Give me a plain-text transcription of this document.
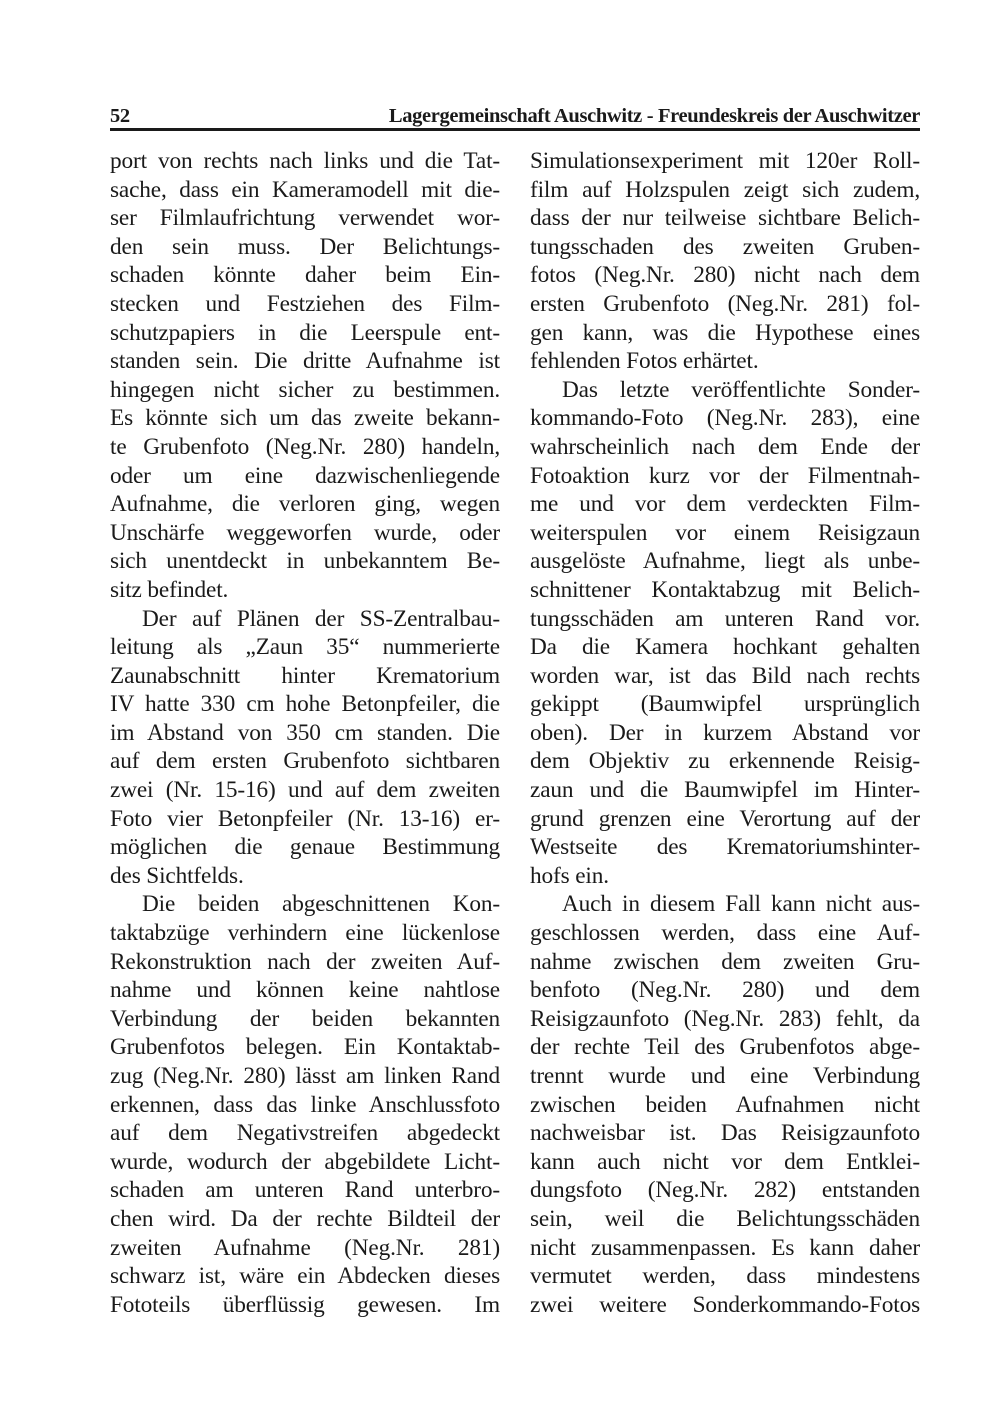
52	Lagergemeinschaft Auschwitz - Freundeskreis der Auschwitzer
port von rechts nach links und die Tat-
sache, dass ein Kameramodell mit die-
ser Filmlaufrichtung verwendet wor-
den sein muss. Der Belichtungs-
schaden könnte daher beim Ein-
stecken und Festziehen des Film-
schutzpapiers in die Leerspule ent-
standen sein. Die dritte Aufnahme ist
hingegen nicht sicher zu bestimmen.
Es könnte sich um das zweite bekann-
te Grubenfoto (Neg.Nr. 280) handeln,
oder um eine dazwischenliegende
Aufnahme, die verloren ging, wegen
Unschärfe weggeworfen wurde, oder
sich unentdeckt in unbekanntem Be-
sitz befindet.
Der auf Plänen der SS-Zentralbau-
leitung als „Zaun 35“ nummerierte
Zaunabschnitt hinter Krematorium
IV hatte 330 cm hohe Betonpfeiler, die
im Abstand von 350 cm standen. Die
auf dem ersten Grubenfoto sichtbaren
zwei (Nr. 15-16) und auf dem zweiten
Foto vier Betonpfeiler (Nr. 13-16) er-
möglichen die genaue Bestimmung
des Sichtfelds.
Die beiden abgeschnittenen Kon-
taktabzüge verhindern eine lückenlose
Rekonstruktion nach der zweiten Auf-
nahme und können keine nahtlose
Verbindung der beiden bekannten
Grubenfotos belegen. Ein Kontaktab-
zug (Neg.Nr. 280) lässt am linken Rand
erkennen, dass das linke Anschlussfoto
auf dem Negativstreifen abgedeckt
wurde, wodurch der abgebildete Licht-
schaden am unteren Rand unterbro-
chen wird. Da der rechte Bildteil der
zweiten Aufnahme (Neg.Nr. 281)
schwarz ist, wäre ein Abdecken dieses
Fototeils überflüssig gewesen. Im
Simulationsexperiment mit 120er Roll-
film auf Holzspulen zeigt sich zudem,
dass der nur teilweise sichtbare Belich-
tungsschaden des zweiten Gruben-
fotos (Neg.Nr. 280) nicht nach dem
ersten Grubenfoto (Neg.Nr. 281) fol-
gen kann, was die Hypothese eines
fehlenden Fotos erhärtet.
Das letzte veröffentlichte Sonder-
kommando-Foto (Neg.Nr. 283), eine
wahrscheinlich nach dem Ende der
Fotoaktion kurz vor der Filmentnah-
me und vor dem verdeckten Film-
weiterspulen vor einem Reisigzaun
ausgelöste Aufnahme, liegt als unbe-
schnittener Kontaktabzug mit Belich-
tungsschäden am unteren Rand vor.
Da die Kamera hochkant gehalten
worden war, ist das Bild nach rechts
gekippt (Baumwipfel ursprünglich
oben). Der in kurzem Abstand vor
dem Objektiv zu erkennende Reisig-
zaun und die Baumwipfel im Hinter-
grund grenzen eine Verortung auf der
Westseite des Krematoriumshinter-
hofs ein.
Auch in diesem Fall kann nicht aus-
geschlossen werden, dass eine Auf-
nahme zwischen dem zweiten Gru-
benfoto (Neg.Nr. 280) und dem
Reisigzaunfoto (Neg.Nr. 283) fehlt, da
der rechte Teil des Grubenfotos abge-
trennt wurde und eine Verbindung
zwischen beiden Aufnahmen nicht
nachweisbar ist. Das Reisigzaunfoto
kann auch nicht vor dem Entklei-
dungsfoto (Neg.Nr. 282) entstanden
sein, weil die Belichtungsschäden
nicht zusammenpassen. Es kann daher
vermutet werden, dass mindestens
zwei weitere Sonderkommando-Fotos
